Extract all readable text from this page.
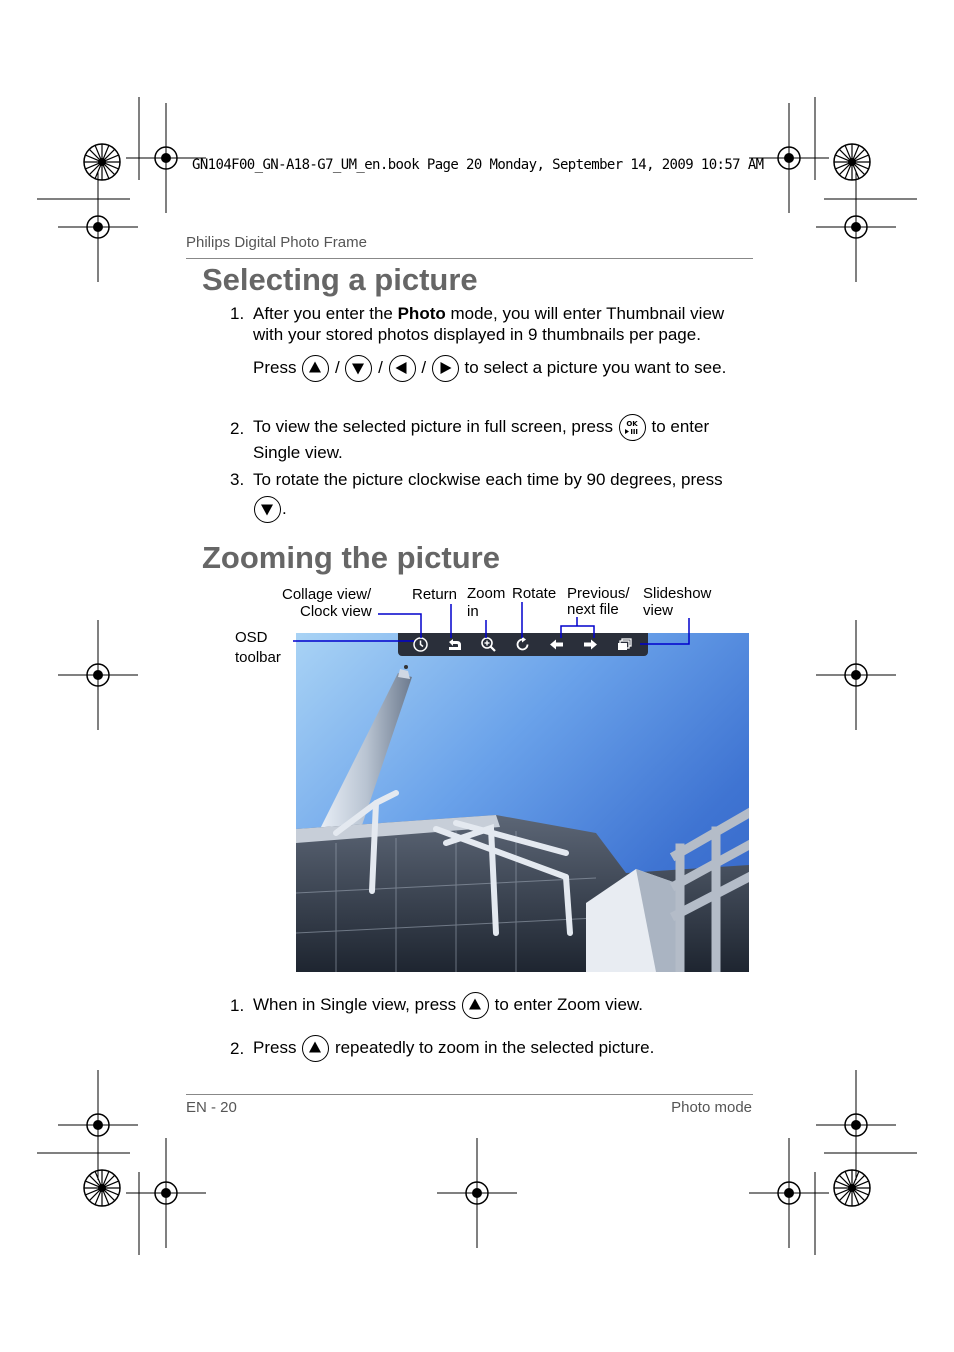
GN104F00_GN-A18-G7_UM_en.book Page 20 Monday, September 14, 2009 10:57 AM
Philips Digital Photo Frame
Selecting a picture
1. After you enter the Photo mode, you will enter Thumbnail view with your stored photos displayed in 9 thumbnails per page.
Press / / / to select a picture you want to see.
2. To view the selected picture in full screen, press OK to enter Single view.
3. To rotate the picture clockwise each time by 90 degrees, press
.
Zooming the picture
Collage view/
Clock view
Return Zoom
in
Rotate Previous/
next file
Slideshow
view
OSD
toolbar
1. When in Single view, press to enter Zoom view.
2. Press repeatedly to zoom in the selected picture.
EN - 20	Photo mode
